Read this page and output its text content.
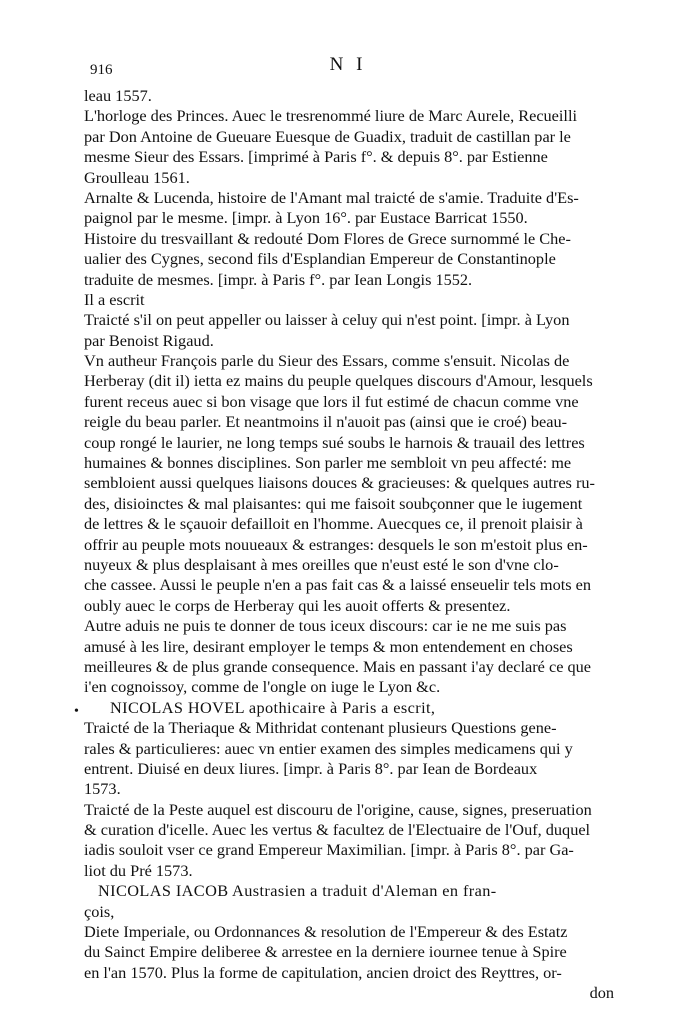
916	N I
•
leau 1557.
L'horloge des Princes. Auec le tresrenommé liure de Marc Aurele, Recueilli
par Don Antoine de Gueuare Euesque de Guadix, traduit de castillan par le
mesme Sieur des Essars. [imprimé à Paris f°. & depuis 8°. par Estienne
Groulleau 1561.
Arnalte & Lucenda, histoire de l'Amant mal traicté de s'amie. Traduite d'Es-
paignol par le mesme. [impr. à Lyon 16°. par Eustace Barricat 1550.
Histoire du tresvaillant & redouté Dom Flores de Grece surnommé le Che-
ualier des Cygnes, second fils d'Esplandian Empereur de Constantinople
traduite de mesmes. [impr. à Paris f°. par Iean Longis 1552.
Il a escrit
Traicté s'il on peut appeller ou laisser à celuy qui n'est point. [impr. à Lyon
par Benoist Rigaud.
Vn autheur François parle du Sieur des Essars, comme s'ensuit. Nicolas de
Herberay (dit il) ietta ez mains du peuple quelques discours d'Amour, lesquels
furent receus auec si bon visage que lors il fut estimé de chacun comme vne
reigle du beau parler. Et neantmoins il n'auoit pas (ainsi que ie croé) beau-
coup rongé le laurier, ne long temps sué soubs le harnois & trauail des lettres
humaines & bonnes disciplines. Son parler me sembloit vn peu affecté: me
sembloient aussi quelques liaisons douces & gracieuses: & quelques autres ru-
des, disioinctes & mal plaisantes: qui me faisoit soubçonner que le iugement
de lettres & le sçauoir defailloit en l'homme. Auecques ce, il prenoit plaisir à
offrir au peuple mots nouueaux & estranges: desquels le son m'estoit plus en-
nuyeux & plus desplaisant à mes oreilles que n'eust esté le son d'vne clo-
che cassee. Aussi le peuple n'en a pas fait cas & a laissé enseuelir tels mots en
oubly auec le corps de Herberay qui les auoit offerts & presentez.
Autre aduis ne puis te donner de tous iceux discours: car ie ne me suis pas
amusé à les lire, desirant employer le temps & mon entendement en choses
meilleures & de plus grande consequence. Mais en passant i'ay declaré ce que
i'en cognoissoy, comme de l'ongle on iuge le Lyon &c.
NICOLAS HOVEL apothicaire à Paris a escrit,
Traicté de la Theriaque & Mithridat contenant plusieurs Questions gene-
rales & particulieres: auec vn entier examen des simples medicamens qui y
entrent. Diuisé en deux liures. [impr. à Paris 8°. par Iean de Bordeaux
1573.
Traicté de la Peste auquel est discouru de l'origine, cause, signes, preseruation
& curation d'icelle. Auec les vertus & facultez de l'Electuaire de l'Ouf, duquel
iadis souloit vser ce grand Empereur Maximilian. [impr. à Paris 8°. par Ga-
liot du Pré 1573.
NICOLAS IACOB Austrasien a traduit d'Aleman en fran-
çois,
Diete Imperiale, ou Ordonnances & resolution de l'Empereur & des Estatz
du Sainct Empire deliberee & arrestee en la derniere iournee tenue à Spire
en l'an 1570. Plus la forme de capitulation, ancien droict des Reyttres, or-
don
